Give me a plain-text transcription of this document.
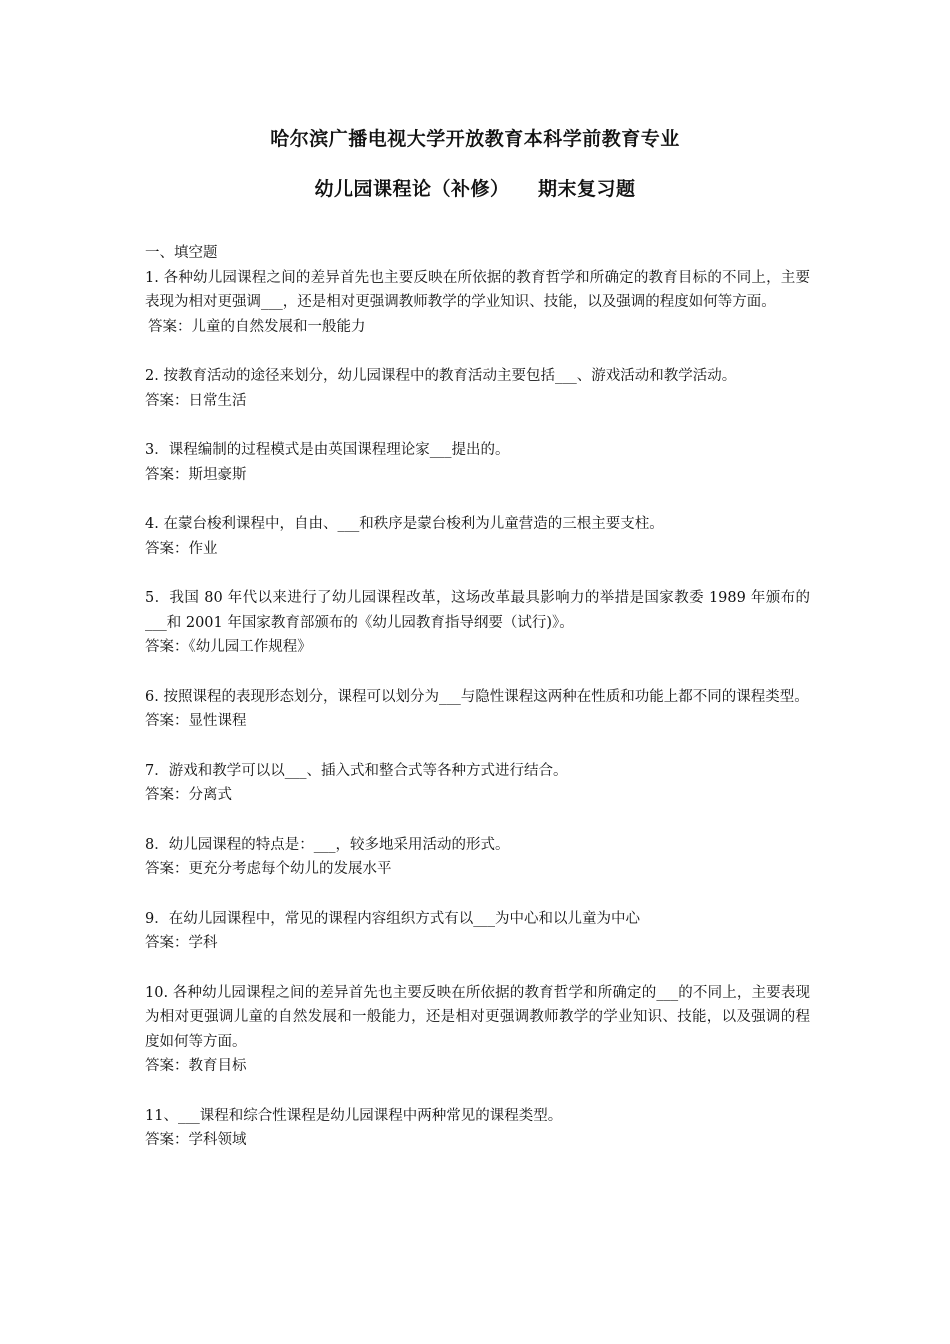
哈尔滨广播电视大学开放教育本科学前教育专业
幼儿园课程论（补修）    期末复习题

一、填空题

1. 各种幼儿园课程之间的差异首先也主要反映在所依据的教育哲学和所确定的教育目标的不同上，主要表现为相对更强调___，还是相对更强调教师教学的学业知识、技能，以及强调的程度如何等方面。

答案：儿童的自然发展和一般能力

2. 按教育活动的途径来划分，幼儿园课程中的教育活动主要包括___、游戏活动和教学活动。

答案：日常生活

3．课程编制的过程模式是由英国课程理论家___提出的。

答案：斯坦豪斯

4. 在蒙台梭利课程中，自由、___和秩序是蒙台梭利为儿童营造的三根主要支柱。

答案：作业

5．我国 80 年代以来进行了幼儿园课程改革，这场改革最具影响力的举措是国家教委 1989 年颁布的___和 2001 年国家教育部颁布的《幼儿园教育指导纲要（试行)》。

答案：《幼儿园工作规程》

6. 按照课程的表现形态划分，课程可以划分为___与隐性课程这两种在性质和功能上都不同的课程类型。

答案：显性课程

7．游戏和教学可以以___、插入式和整合式等各种方式进行结合。

答案：分离式

8．幼儿园课程的特点是：___，较多地采用活动的形式。

答案：更充分考虑每个幼儿的发展水平

9．在幼儿园课程中，常见的课程内容组织方式有以___为中心和以儿童为中心

答案：学科

10. 各种幼儿园课程之间的差异首先也主要反映在所依据的教育哲学和所确定的___的不同上，主要表现为相对更强调儿童的自然发展和一般能力，还是相对更强调教师教学的学业知识、技能，以及强调的程度如何等方面。

答案：教育目标

11、___课程和综合性课程是幼儿园课程中两种常见的课程类型。

答案：学科领域
